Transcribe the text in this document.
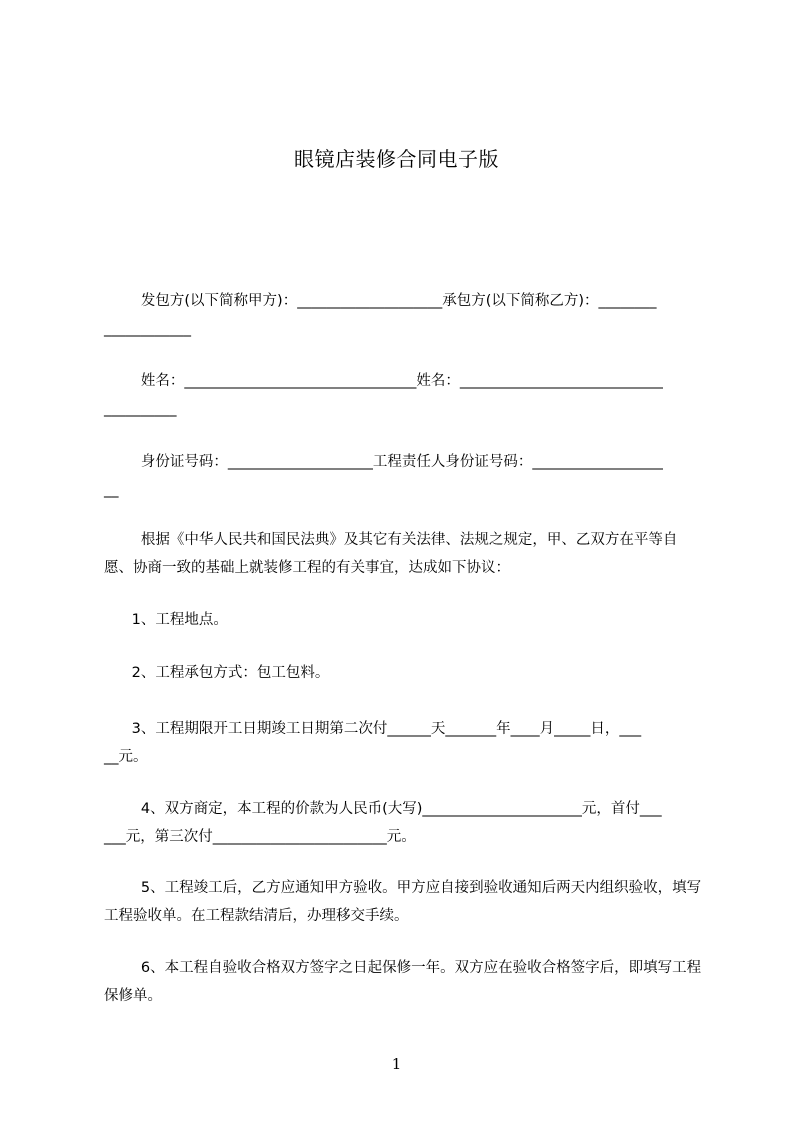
眼镜店装修合同电子版
发包方(以下简称甲方)：____________________承包方(以下简称乙方)：________
____________
姓名：________________________________姓名：____________________________
__________
身份证号码：____________________工程责任人身份证号码：__________________
__
根据《中华人民共和国民法典》及其它有关法律、法规之规定，甲、乙双方在平等自愿、协商一致的基础上就装修工程的有关事宜，达成如下协议：
1、工程地点。
2、工程承包方式：包工包料。
3、工程期限开工日期竣工日期第二次付______天_______年____月_____日，___
__元。
4、双方商定，本工程的价款为人民币(大写)______________________元，首付___
___元，第三次付________________________元。
5、工程竣工后，乙方应通知甲方验收。甲方应自接到验收通知后两天内组织验收，填写工程验收单。在工程款结清后，办理移交手续。
6、本工程自验收合格双方签字之日起保修一年。双方应在验收合格签字后，即填写工程保修单。
1
